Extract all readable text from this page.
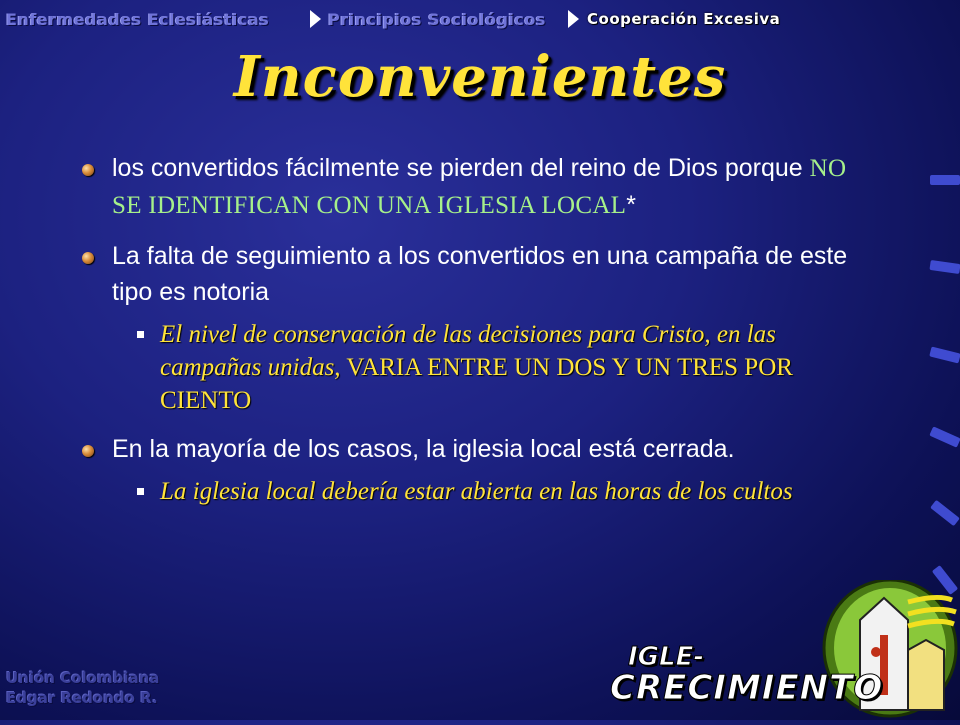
Enfermedades Eclesiásticas	Principios Sociológicos	Cooperación Excesiva
Inconvenientes
los convertidos fácilmente se pierden del reino de Dios porque NO SE IDENTIFICAN CON UNA IGLESIA LOCAL*
La falta de seguimiento a los convertidos en una campaña de este tipo es notoria
El nivel de conservación de las decisiones para Cristo, en las campañas unidas, VARIA ENTRE UN DOS Y UN TRES POR CIENTO
En la mayoría de los casos, la iglesia local está cerrada.
La iglesia local debería estar abierta en las horas de los cultos
Unión Colombiana
Edgar Redondo R.
IGLE-
CRECIMIENTO
